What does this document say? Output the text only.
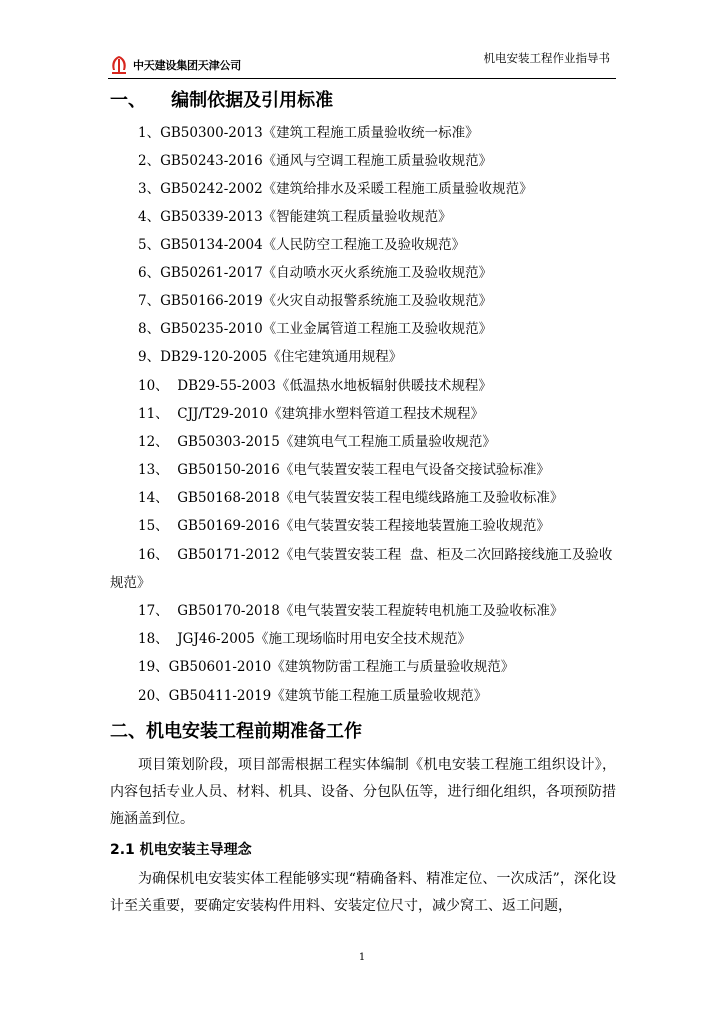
中天建设集团天津公司
机电安装工程作业指导书
一、    编制依据及引用标准
1、GB50300-2013《建筑工程施工质量验收统一标准》
2、GB50243-2016《通风与空调工程施工质量验收规范》
3、GB50242-2002《建筑给排水及采暖工程施工质量验收规范》
4、GB50339-2013《智能建筑工程质量验收规范》
5、GB50134-2004《人民防空工程施工及验收规范》
6、GB50261-2017《自动喷水灭火系统施工及验收规范》
7、GB50166-2019《火灾自动报警系统施工及验收规范》
8、GB50235-2010《工业金属管道工程施工及验收规范》
9、DB29-120-2005《住宅建筑通用规程》
10、  DB29-55-2003《低温热水地板辐射供暖技术规程》
11、  CJJ/T29-2010《建筑排水塑料管道工程技术规程》
12、  GB50303-2015《建筑电气工程施工质量验收规范》
13、  GB50150-2016《电气装置安装工程电气设备交接试验标准》
14、  GB50168-2018《电气装置安装工程电缆线路施工及验收标准》
15、  GB50169-2016《电气装置安装工程接地装置施工验收规范》
16、  GB50171-2012《电气装置安装工程  盘、柜及二次回路接线施工及验收
规范》
17、  GB50170-2018《电气装置安装工程旋转电机施工及验收标准》
18、  JGJ46-2005《施工现场临时用电安全技术规范》
19、GB50601-2010《建筑物防雷工程施工与质量验收规范》
20、GB50411-2019《建筑节能工程施工质量验收规范》
二、机电安装工程前期准备工作
项目策划阶段，项目部需根据工程实体编制《机电安装工程施工组织设计》，内容包括专业人员、材料、机具、设备、分包队伍等，进行细化组织，各项预防措施涵盖到位。
2.1 机电安装主导理念
为确保机电安装实体工程能够实现“精确备料、精准定位、一次成活”，深化设计至关重要，要确定安装构件用料、安装定位尺寸，减少窝工、返工问题，
1
